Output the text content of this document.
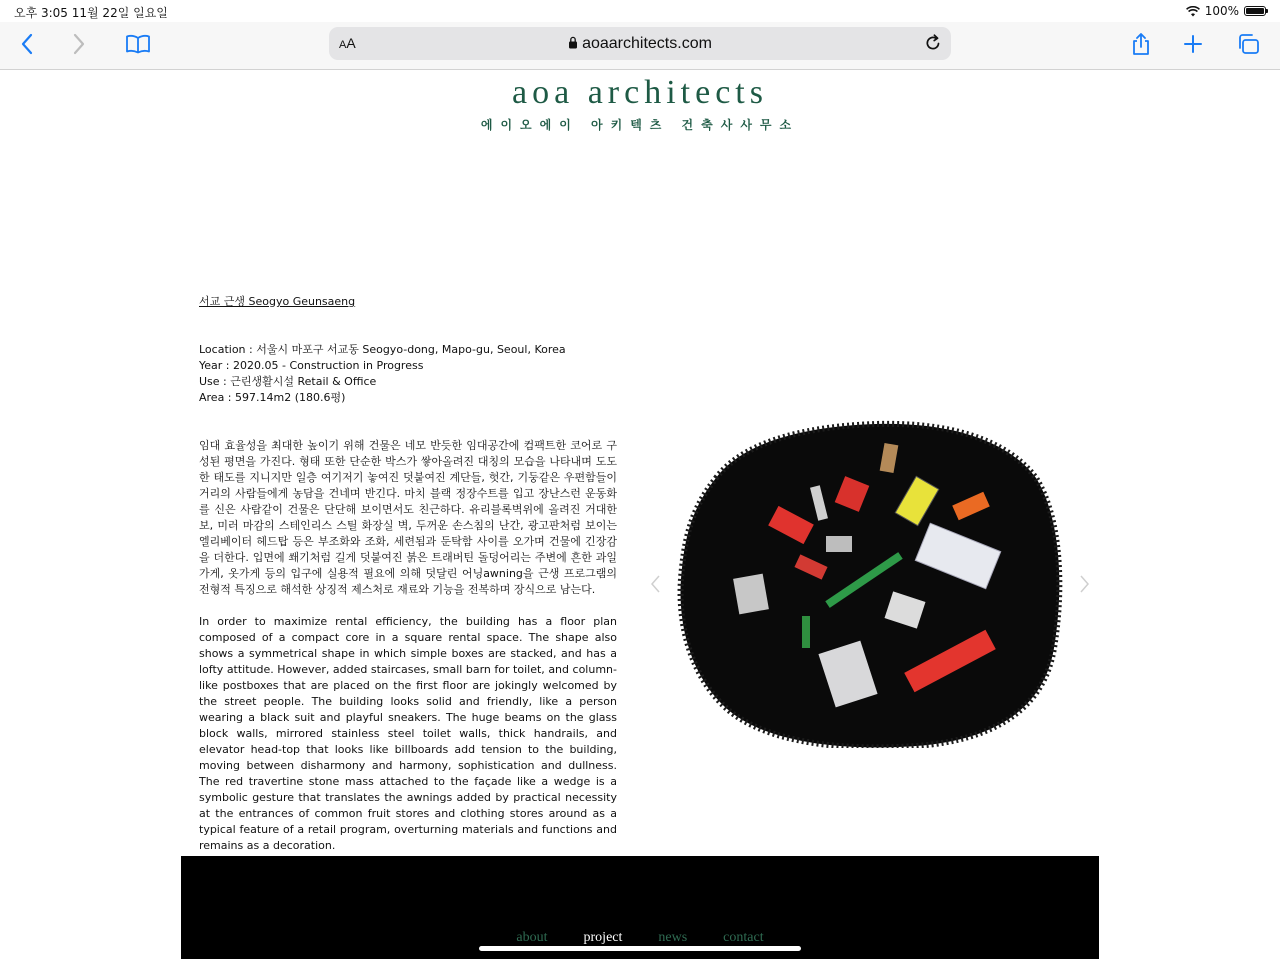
오후 3:05 11월 22일 일요일	100%
AA	aoaarchitects.com
aoa architects
에이오에이 아키텍츠 건축사사무소

서교 근생 Seogyo Geunsaeng

Location : 서울시 마포구 서교동 Seogyo-dong, Mapo-gu, Seoul, Korea
Year : 2020.05 - Construction in Progress
Use : 근린생활시설 Retail & Office
Area : 597.14m2 (180.6평)

임대 효율성을 최대한 높이기 위해 건물은 네모 반듯한 임대공간에 컴팩트한 코어로 구성된 평면을 가진다. 형태 또한 단순한 박스가 쌓아올려진 대칭의 모습을 나타내며 도도한 태도를 지니지만 일층 여기저기 놓여진 덧붙여진 계단들, 헛간, 기둥같은 우편함들이 거리의 사람들에게 농담을 건네며 반긴다. 마치 블랙 정장수트를 입고 장난스런 운동화를 신은 사람같이 건물은 단단해 보이면서도 친근하다. 유리블록벽위에 올려진 거대한 보, 미러 마감의 스테인리스 스틸 화장실 벽, 두꺼운 손스침의 난간, 광고판처럼 보이는 엘리베이터 헤드탑 등은 부조화와 조화, 세련됨과 둔탁함 사이를 오가며 건물에 긴장감을 더한다. 입면에 쐐기처럼 길게 덧붙여진 붉은 트래버틴 돌덩어리는 주변에 흔한 과일 가게, 옷가게 등의 입구에 실용적 필요에 의해 덧달린 어닝awning을 근생 프로그램의 전형적 특징으로 해석한 상징적 제스처로 재료와 기능을 전복하며 장식으로 남는다.

In order to maximize rental efficiency, the building has a floor plan composed of a compact core in a square rental space. The shape also shows a symmetrical shape in which simple boxes are stacked, and has a lofty attitude. However, added staircases, small barn for toilet, and column-like postboxes that are placed on the first floor are jokingly welcomed by the street people. The building looks solid and friendly, like a person wearing a black suit and playful sneakers. The huge beams on the glass block walls, mirrored stainless steel toilet walls, thick handrails, and elevator head-top that looks like billboards add tension to the building, moving between disharmony and harmony, sophistication and dullness. The red travertine stone mass attached to the façade like a wedge is a symbolic gesture that translates the awnings added by practical necessity at the entrances of common fruit stores and clothing stores around as a typical feature of a retail program, overturning materials and functions and remains as a decoration.

about	project	news	contact
